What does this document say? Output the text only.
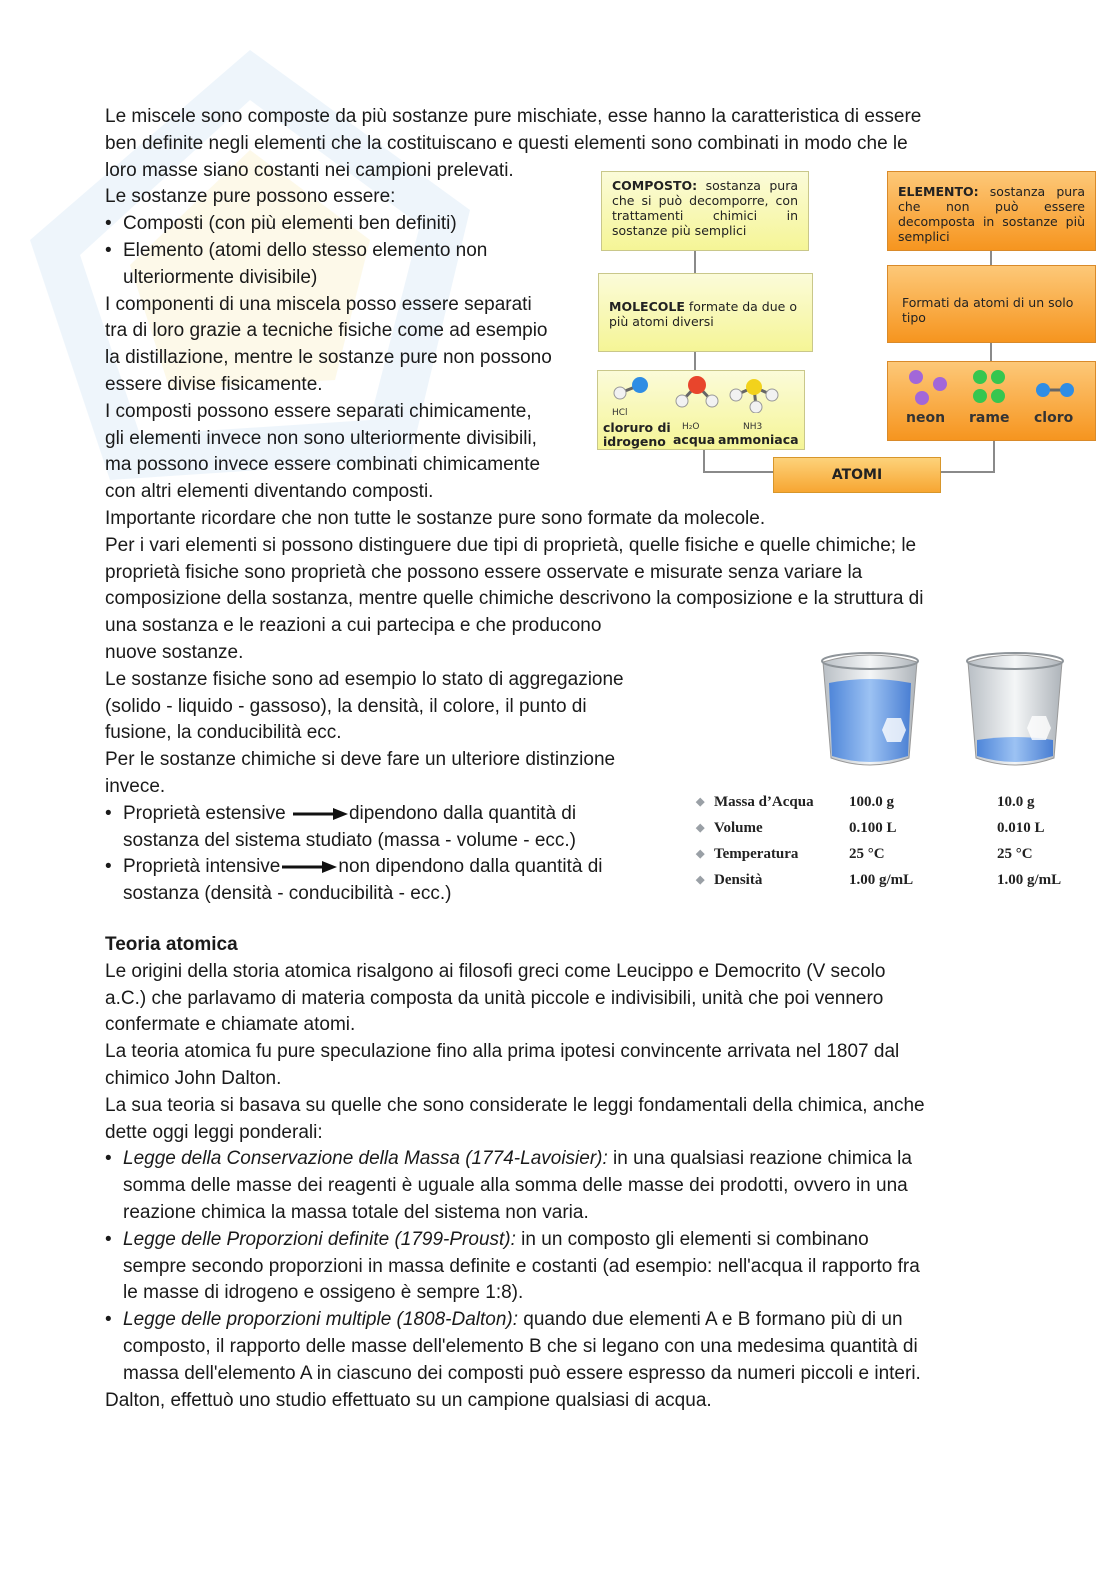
Le miscele sono composte da più sostanze pure mischiate, esse hanno la caratteristica di essere
ben definite negli elementi che la costituiscano e questi elementi sono combinati in modo che le
loro masse siano costanti nei campioni prelevati.
Le sostanze pure possono essere:
• Composti (con più elementi ben definiti)
• Elemento (atomi dello stesso elemento non
ulteriormente divisibile)
I componenti di una miscela posso essere separati
tra di loro grazie a tecniche fisiche come ad esempio
la distillazione, mentre le sostanze pure non possono
essere divise fisicamente.
I composti possono essere separati chimicamente,
gli elementi invece non sono ulteriormente divisibili,
ma possono invece essere combinati chimicamente
con altri elementi diventando composti.
Importante ricordare che non tutte le sostanze pure sono formate da molecole.
Per i vari elementi si possono distinguere due tipi di proprietà, quelle fisiche e quelle chimiche; le
proprietà fisiche sono proprietà che possono essere osservate e misurate senza variare la
composizione della sostanza, mentre quelle chimiche descrivono la composizione e la struttura di
una sostanza e le reazioni a cui partecipa e che producono
nuove sostanze.
Le sostanze fisiche sono ad esempio lo stato di aggregazione
(solido - liquido - gassoso), la densità, il colore, il punto di
fusione, la conducibilità ecc.
Per le sostanze chimiche si deve fare un ulteriore distinzione
invece.
• Proprietà estensive	dipendono dalla quantità di
sostanza del sistema studiato (massa - volume - ecc.)
• Proprietà intensive	non dipendono dalla quantità di
sostanza (densità - conducibilità - ecc.)
COMPOSTO: sostanza pura che si può decomporre, con trattamenti chimici in sostanze più semplici
ELEMENTO: sostanza pura che non può essere decomposta in sostanze più semplici
MOLECOLE formate da due o più atomi diversi
Formati da atomi di un solo tipo
HCl
H₂O	NH3
cloruro di
idrogeno acqua ammoniaca
neon rame cloro
ATOMI
◆ Massa d’Acqua 100.0 g	10.0 g
◆ Volume	0.100 L	0.010 L
◆ Temperatura	25 °C	25 °C
◆ Densità	1.00 g/mL	1.00 g/mL
Teoria atomica
Le origini della storia atomica risalgono ai filosofi greci come Leucippo e Democrito (V secolo
a.C.) che parlavamo di materia composta da unità piccole e indivisibili, unità che poi vennero
confermate e chiamate atomi.
La teoria atomica fu pure speculazione fino alla prima ipotesi convincente arrivata nel 1807 dal
chimico John Dalton.
La sua teoria si basava su quelle che sono considerate le leggi fondamentali della chimica, anche
dette oggi leggi ponderali:
• Legge della Conservazione della Massa (1774-Lavoisier): in una qualsiasi reazione chimica la
somma delle masse dei reagenti è uguale alla somma delle masse dei prodotti, ovvero in una
reazione chimica la massa totale del sistema non varia.
• Legge delle Proporzioni definite (1799-Proust): in un composto gli elementi si combinano
sempre secondo proporzioni in massa definite e costanti (ad esempio: nell'acqua il rapporto fra
le masse di idrogeno e ossigeno è sempre 1:8).
• Legge delle proporzioni multiple (1808-Dalton): quando due elementi A e B formano più di un
composto, il rapporto delle masse dell'elemento B che si legano con una medesima quantità di
massa dell'elemento A in ciascuno dei composti può essere espresso da numeri piccoli e interi.
Dalton, effettuò uno studio effettuato su un campione qualsiasi di acqua.
